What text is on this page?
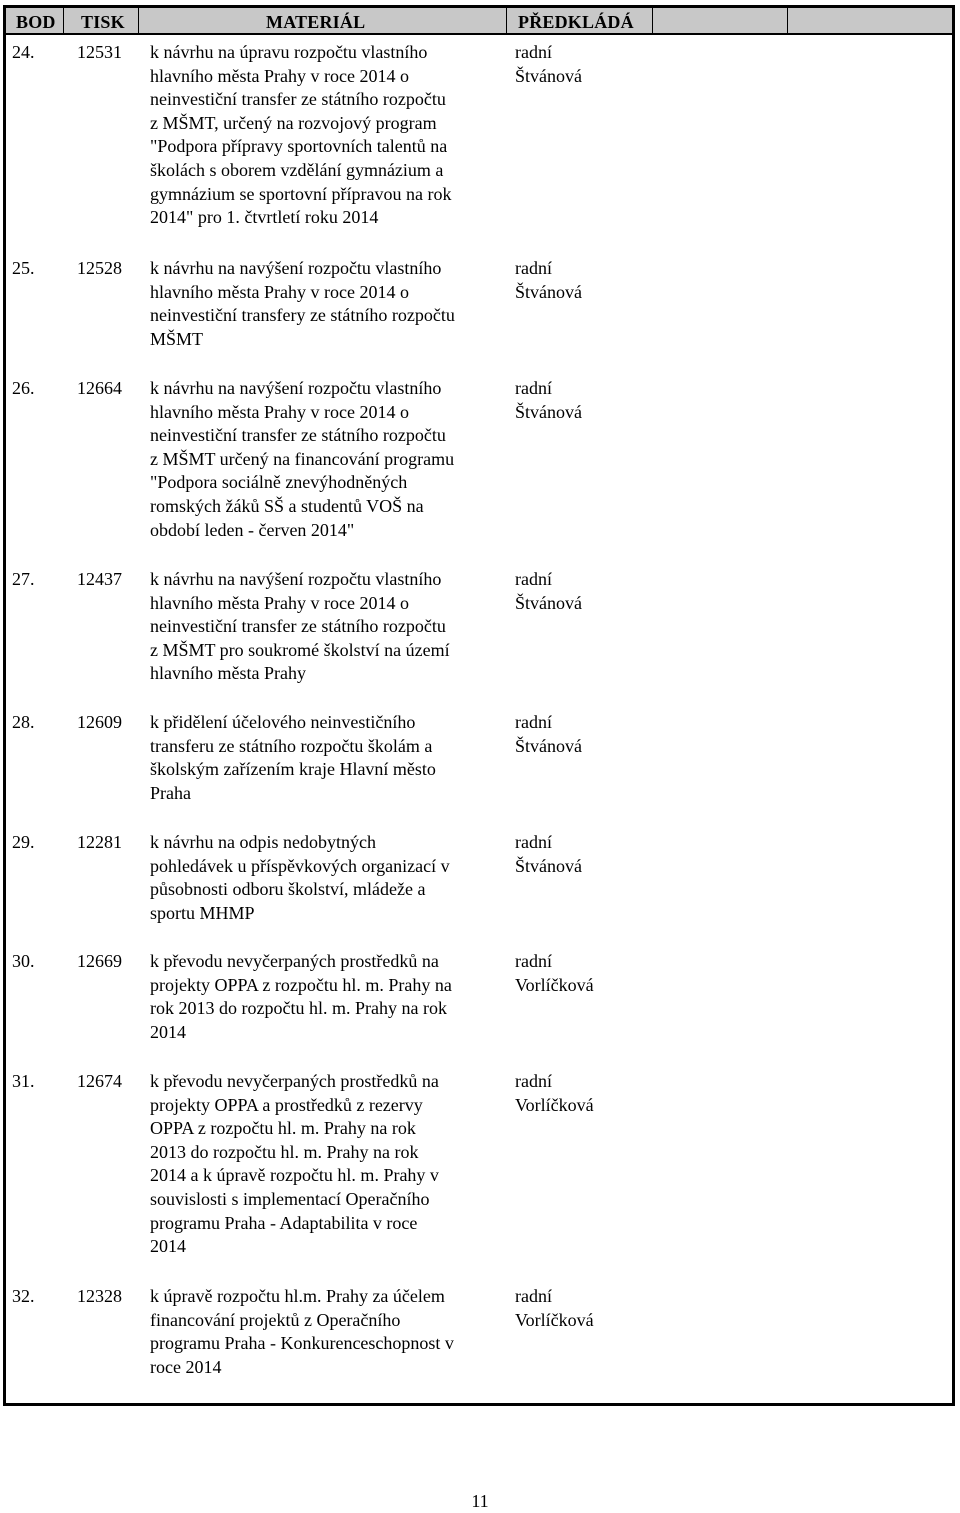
BOD TISK	MATERIÁL	PŘEDKLÁDÁ
24. 12531 k návrhu na úpravu rozpočtu vlastního
hlavního města Prahy v roce 2014 o
neinvestiční transfer ze státního rozpočtu
z MŠMT, určený na rozvojový program
"Podpora přípravy sportovních talentů na
školách s oborem vzdělání gymnázium a
gymnázium se sportovní přípravou na rok
2014" pro 1. čtvrtletí roku 2014
radní
Štvánová
25. 12528 k návrhu na navýšení rozpočtu vlastního
hlavního města Prahy v roce 2014 o
neinvestiční transfery ze státního rozpočtu
MŠMT
radní
Štvánová
26. 12664 k návrhu na navýšení rozpočtu vlastního
hlavního města Prahy v roce 2014 o
neinvestiční transfer ze státního rozpočtu
z MŠMT určený na financování programu
"Podpora sociálně znevýhodněných
romských žáků SŠ a studentů VOŠ na
období leden - červen 2014"
radní
Štvánová
27. 12437 k návrhu na navýšení rozpočtu vlastního
hlavního města Prahy v roce 2014 o
neinvestiční transfer ze státního rozpočtu
z MŠMT pro soukromé školství na území
hlavního města Prahy
radní
Štvánová
28. 12609 k přidělení účelového neinvestičního
transferu ze státního rozpočtu školám a
školským zařízením kraje Hlavní město
Praha
radní
Štvánová
29. 12281 k návrhu na odpis nedobytných
pohledávek u příspěvkových organizací v
působnosti odboru školství, mládeže a
sportu MHMP
radní
Štvánová
30. 12669 k převodu nevyčerpaných prostředků na
projekty OPPA z rozpočtu hl. m. Prahy na
rok 2013 do rozpočtu hl. m. Prahy na rok
2014
radní
Vorlíčková
31. 12674 k převodu nevyčerpaných prostředků na
projekty OPPA a prostředků z rezervy
OPPA z rozpočtu hl. m. Prahy na rok
2013 do rozpočtu hl. m. Prahy na rok
2014 a k úpravě rozpočtu hl. m. Prahy v
souvislosti s implementací Operačního
programu Praha - Adaptabilita v roce
2014
radní
Vorlíčková
32. 12328 k úpravě rozpočtu hl.m. Prahy za účelem
financování projektů z Operačního
programu Praha - Konkurenceschopnost v
roce 2014
radní
Vorlíčková
11
